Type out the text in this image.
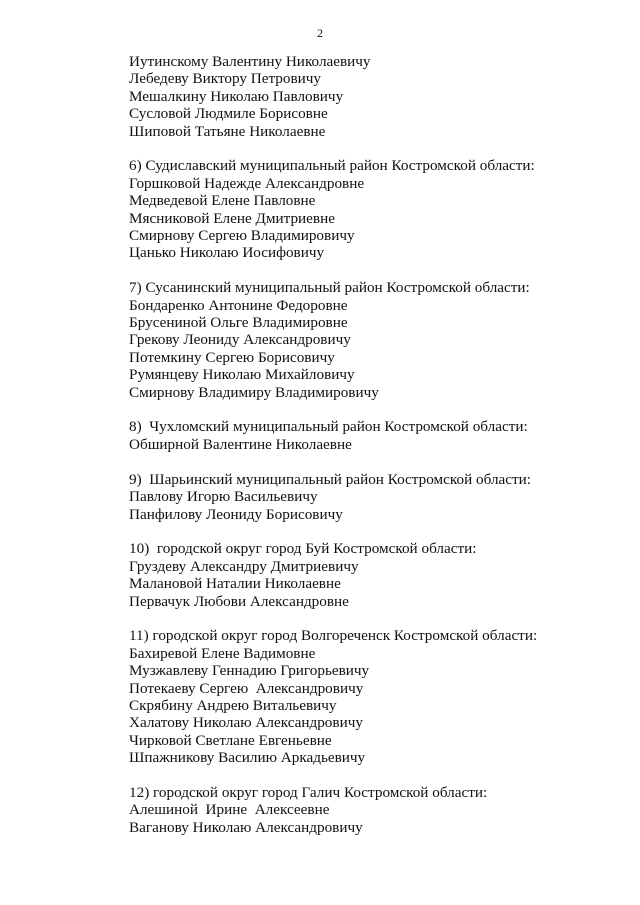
2
Иутинскому Валентину Николаевичу
Лебедеву Виктору Петровичу
Мешалкину Николаю Павловичу
Сусловой Людмиле Борисовне
Шиповой Татьяне Николаевне
6) Судиславский муниципальный район Костромской области:
Горшковой Надежде Александровне
Медведевой Елене Павловне
Мясниковой Елене Дмитриевне
Смирнову Сергею Владимировичу
Цанько Николаю Иосифовичу
7) Сусанинский муниципальный район Костромской области:
Бондаренко Антонине Федоровне
Брусениной Ольге Владимировне
Грекову Леониду Александровичу
Потемкину Сергею Борисовичу
Румянцеву Николаю Михайловичу
Смирнову Владимиру Владимировичу
8)  Чухломский муниципальный район Костромской области:
Обширной Валентине Николаевне
9)  Шарьинский муниципальный район Костромской области:
Павлову Игорю Васильевичу
Панфилову Леониду Борисовичу
10)  городской округ город Буй Костромской области:
Груздеву Александру Дмитриевичу
Малановой Наталии Николаевне
Первачук Любови Александровне
11) городской округ город Волгореченск Костромской области:
Бахиревой Елене Вадимовне
Музжавлеву Геннадию Григорьевичу
Потекаеву Сергею  Александровичу
Скрябину Андрею Витальевичу
Халатову Николаю Александровичу
Чирковой Светлане Евгеньевне
Шпажникову Василию Аркадьевичу
12) городской округ город Галич Костромской области:
Алешиной  Ирине  Алексеевне
Ваганову Николаю Александровичу
